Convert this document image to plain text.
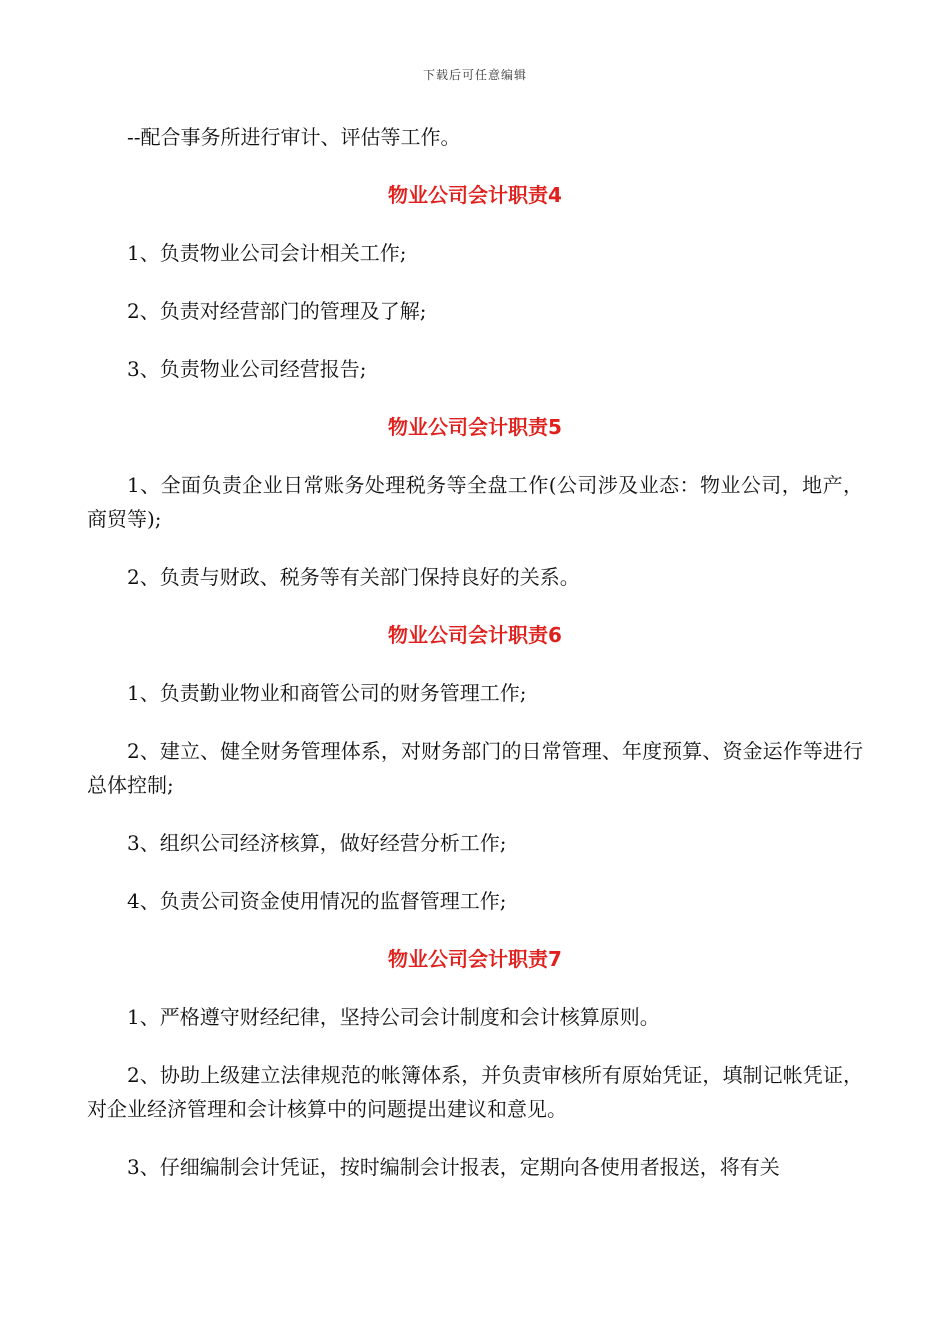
下载后可任意编辑

--配合事务所进行审计、评估等工作。

物业公司会计职责4

1、负责物业公司会计相关工作;

2、负责对经营部门的管理及了解;

3、负责物业公司经营报告;

物业公司会计职责5

1、全面负责企业日常账务处理税务等全盘工作(公司涉及业态：物业公司，地产，商贸等);

2、负责与财政、税务等有关部门保持良好的关系。

物业公司会计职责6

1、负责勤业物业和商管公司的财务管理工作;

2、建立、健全财务管理体系，对财务部门的日常管理、年度预算、资金运作等进行总体控制;

3、组织公司经济核算，做好经营分析工作;

4、负责公司资金使用情况的监督管理工作;

物业公司会计职责7

1、严格遵守财经纪律，坚持公司会计制度和会计核算原则。

2、协助上级建立法律规范的帐簿体系，并负责审核所有原始凭证，填制记帐凭证，对企业经济管理和会计核算中的问题提出建议和意见。

3、仔细编制会计凭证，按时编制会计报表，定期向各使用者报送，将有关
